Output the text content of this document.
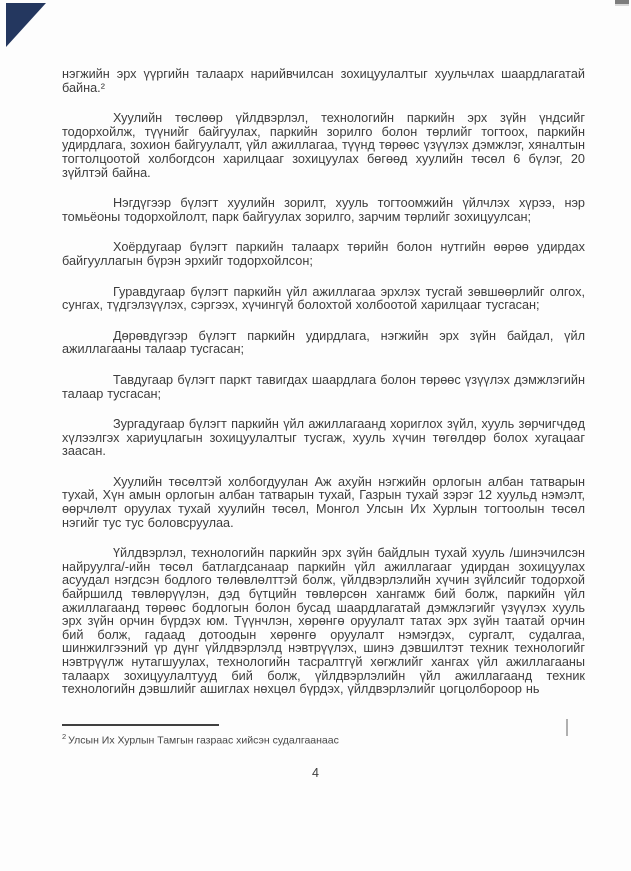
нэгжийн эрх үүргийн талаарх нарийвчилсан зохицуулалтыг хуульчлах шаардлагатай байна.²

Хуулийн төслөөр үйлдвэрлэл, технологийн паркийн эрх зүйн үндсийг тодорхойлж, түүнийг байгуулах, паркийн зорилго болон төрлийг тогтоох, паркийн удирдлага, зохион байгуулалт, үйл ажиллагаа, түүнд төрөөс үзүүлэх дэмжлэг, хяналтын тогтолцоотой холбогдсон харилцааг зохицуулах бөгөөд хуулийн төсөл 6 бүлэг, 20 зүйлтэй байна.

Нэгдүгээр бүлэгт хуулийн зорилт, хууль тогтоомжийн үйлчлэх хүрээ, нэр томьёоны тодорхойлолт, парк байгуулах зорилго, зарчим төрлийг зохицуулсан;

Хоёрдугаар бүлэгт паркийн талаарх төрийн болон нутгийн өөрөө удирдах байгууллагын бүрэн эрхийг тодорхойлсон;

Гуравдугаар бүлэгт паркийн үйл ажиллагаа эрхлэх тусгай зөвшөөрлийг олгох, сунгах, түдгэлзүүлэх, сэргээх, хүчингүй болохтой холбоотой харилцааг тусгасан;

Дөрөвдүгээр бүлэгт паркийн удирдлага, нэгжийн эрх зүйн байдал, үйл ажиллагааны талаар тусгасан;

Тавдугаар бүлэгт паркт тавигдах шаардлага болон төрөөс үзүүлэх дэмжлэгийн талаар тусгасан;

Зургадугаар бүлэгт паркийн үйл ажиллагаанд хориглох зүйл, хууль зөрчигчдөд хүлээлгэх хариуцлагын зохицуулалтыг тусгаж, хууль хүчин төгөлдөр болох хугацааг заасан.

Хуулийн төсөлтэй холбогдуулан Аж ахуйн нэгжийн орлогын албан татварын тухай, Хүн амын орлогын албан татварын тухай, Газрын тухай зэрэг 12 хуульд нэмэлт, өөрчлөлт оруулах тухай хуулийн төсөл, Монгол Улсын Их Хурлын тогтоолын төсөл нэгийг тус тус боловсруулаа.

Үйлдвэрлэл, технологийн паркийн эрх зүйн байдлын тухай хууль /шинэчилсэн найруулга/-ийн төсөл батлагдсанаар паркийн үйл ажиллагааг удирдан зохицуулах асуудал нэгдсэн бодлого төлөвлөлттэй болж, үйлдвэрлэлийн хүчин зүйлсийг тодорхой байршилд төвлөрүүлэн, дэд бүтцийн төвлөрсөн хангамж бий болж, паркийн үйл ажиллагаанд төрөөс бодлогын болон бусад шаардлагатай дэмжлэгийг үзүүлэх хууль эрх зүйн орчин бүрдэх юм. Түүнчлэн, хөрөнгө оруулалт татах эрх зүйн таатай орчин бий болж, гадаад дотоодын хөрөнгө оруулалт нэмэгдэх, сургалт, судалгаа, шинжилгээний үр дүнг үйлдвэрлэлд нэвтрүүлэх, шинэ дэвшилтэт техник технологийг нэвтрүүлж нутагшуулах, технологийн тасралтгүй хөгжлийг хангах үйл ажиллагааны талаарх зохицуулалтууд бий болж, үйлдвэрлэлийн үйл ажиллагаанд техник технологийн дэвшлийг ашиглах нөхцөл бүрдэх, үйлдвэрлэлийг цогцолбороор нь

$^2$ Улсын Их Хурлын Тамгын газраас хийсэн судалгаанаас
4
